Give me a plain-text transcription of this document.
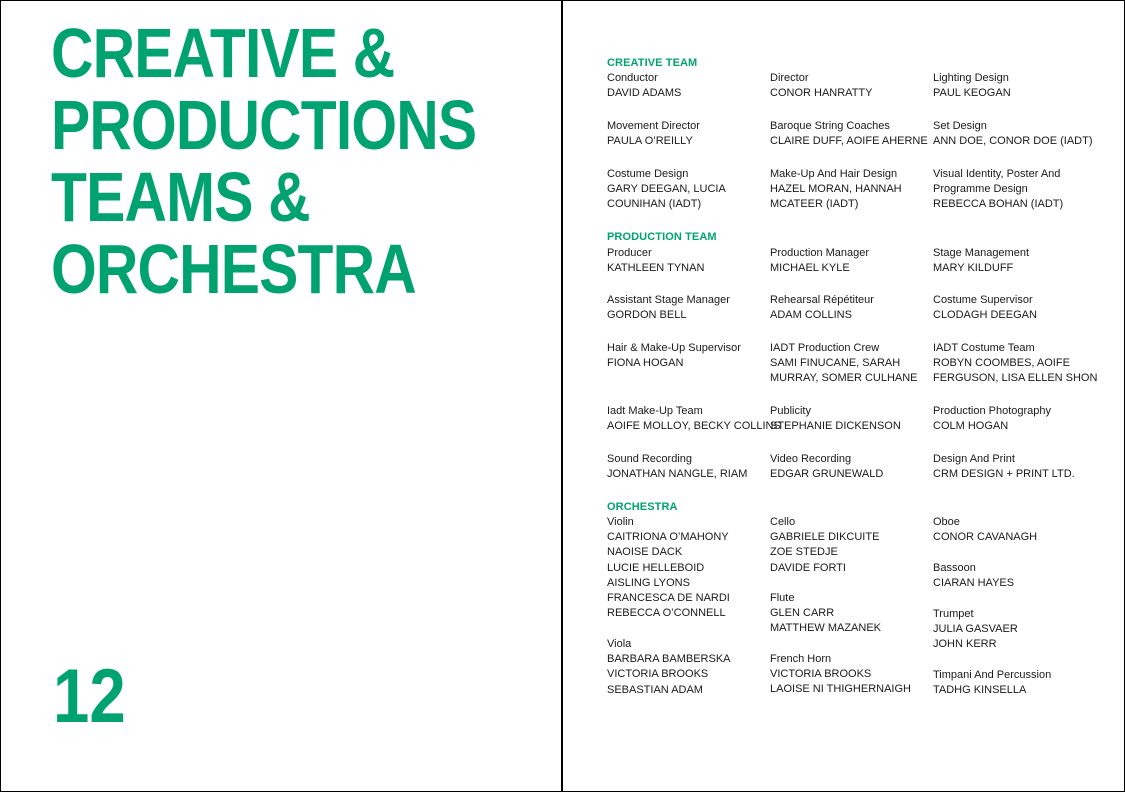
CREATIVE &
PRODUCTIONS
TEAMS &
ORCHESTRA
12
CREATIVE TEAM
Conductor
DAVID ADAMS
Director
CONOR HANRATTY
Lighting Design
PAUL KEOGAN
Movement Director
PAULA O’REILLY
Baroque String Coaches
CLAIRE DUFF, AOIFE AHERNE
Set Design
ANN DOE, CONOR DOE (IADT)
Costume Design
GARY DEEGAN, LUCIA
COUNIHAN (IADT)
Make-Up And Hair Design
HAZEL MORAN, HANNAH
MCATEER (IADT)
Visual Identity, Poster And
Programme Design
REBECCA BOHAN (IADT)
PRODUCTION TEAM
Producer
KATHLEEN TYNAN
Production Manager
MICHAEL KYLE
Stage Management
MARY KILDUFF
Assistant Stage Manager
GORDON BELL
Rehearsal Répétiteur
ADAM COLLINS
Costume Supervisor
CLODAGH DEEGAN
Hair & Make-Up Supervisor
FIONA HOGAN
IADT Production Crew
SAMI FINUCANE, SARAH
MURRAY, SOMER CULHANE
IADT Costume Team
ROBYN COOMBES, AOIFE
FERGUSON, LISA ELLEN SHON
Iadt Make-Up Team
AOIFE MOLLOY, BECKY COLLINS
Publicity
STEPHANIE DICKENSON
Production Photography
COLM HOGAN
Sound Recording
JONATHAN NANGLE, RIAM
Video Recording
EDGAR GRUNEWALD
Design And Print
CRM DESIGN + PRINT LTD.
ORCHESTRA
Violin
CAITRIONA O’MAHONY
NAOISE DACK
LUCIE HELLEBOID
AISLING LYONS
FRANCESCA DE NARDI
REBECCA O’CONNELL
Viola
BARBARA BAMBERSKA
VICTORIA BROOKS
SEBASTIAN ADAM
Cello
GABRIELE DIKCUITE
ZOE STEDJE
DAVIDE FORTI
Flute
GLEN CARR
MATTHEW MAZANEK
French Horn
VICTORIA BROOKS
LAOISE NI THIGHERNAIGH
Oboe
CONOR CAVANAGH
Bassoon
CIARAN HAYES
Trumpet
JULIA GASVAER
JOHN KERR
Timpani And Percussion
TADHG KINSELLA
